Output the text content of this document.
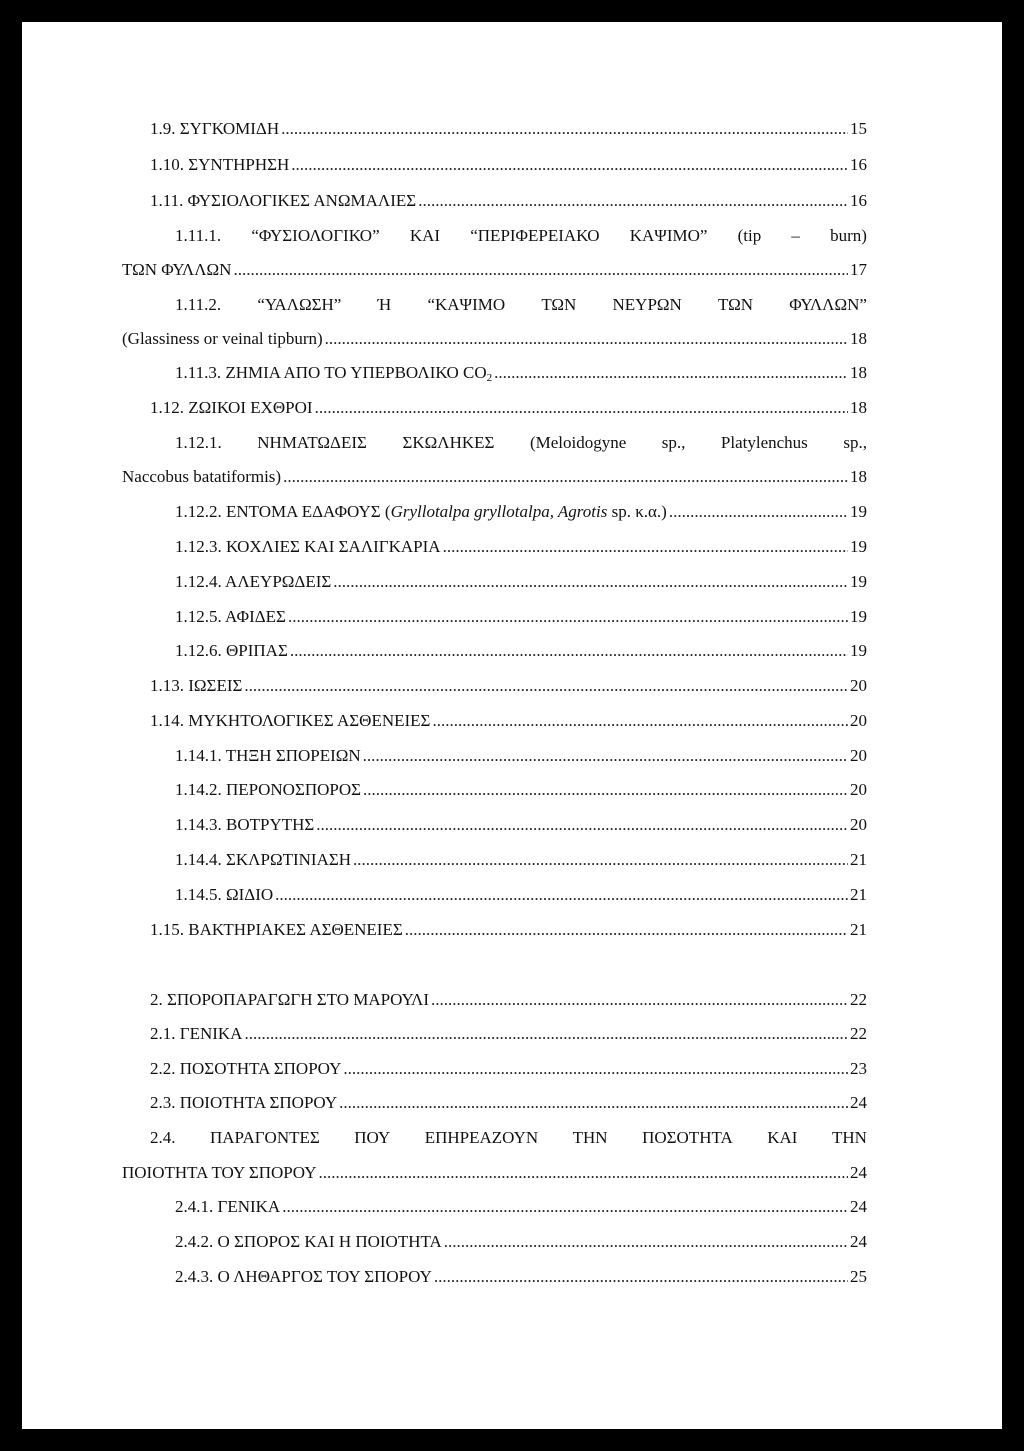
1.9. ΣΥΓΚΟΜΙΔΗ .....	15
1.10. ΣΥΝΤΗΡΗΣΗ .....	16
1.11. ΦΥΣΙΟΛΟΓΙΚΕΣ ΑΝΩΜΑΛΙΕΣ .....	16
1.11.1. “ΦΥΣΙΟΛΟΓΙΚΟ” ΚΑΙ “ΠΕΡΙΦΕΡΕΙΑΚΟ ΚΑΨΙΜΟ” (tip – burn)
ΤΩΝ ΦΥΛΛΩΝ .....	17
1.11.2. “ΥΑΛΩΣΗ” Ή “ΚΑΨΙΜΟ ΤΩΝ ΝΕΥΡΩΝ ΤΩΝ ΦΥΛΛΩΝ”
(Glassiness or veinal tipburn) .....	18
1.11.3. ΖΗΜΙΑ ΑΠΟ ΤΟ ΥΠΕΡΒΟΛΙΚΟ $CO_2$ .....	18
1.12. ΖΩΙΚΟΙ ΕΧΘΡΟΙ .....	18
1.12.1. ΝΗΜΑΤΩΔΕΙΣ ΣΚΩΛΗΚΕΣ (Meloidogyne sp., Platylenchus sp.,
Naccobus batatiformis) .....	18
1.12.2. ΕΝΤΟΜΑ ΕΔΑΦΟΥΣ (Gryllotalpa gryllotalpa, Agrotis sp. κ.α.) .....	19
1.12.3. ΚΟΧΛΙΕΣ ΚΑΙ ΣΑΛΙΓΚΑΡΙΑ .....	19
1.12.4. ΑΛΕΥΡΩΔΕΙΣ .....	19
1.12.5. ΑΦΙΔΕΣ .....	19
1.12.6. ΘΡΙΠΑΣ .....	19
1.13. ΙΩΣΕΙΣ .....	20
1.14. ΜΥΚΗΤΟΛΟΓΙΚΕΣ ΑΣΘΕΝΕΙΕΣ .....	20
1.14.1. ΤΗΞΗ ΣΠΟΡΕΙΩΝ .....	20
1.14.2. ΠΕΡΟΝΟΣΠΟΡΟΣ .....	20
1.14.3. ΒΟΤΡΥΤΗΣ .....	20
1.14.4. ΣΚΛΡΩΤΙΝΙΑΣΗ .....	21
1.14.5. ΩΙΔΙΟ .....	21
1.15. ΒΑΚΤΗΡΙΑΚΕΣ ΑΣΘΕΝΕΙΕΣ .....	21
2. ΣΠΟΡΟΠΑΡΑΓΩΓΗ ΣΤΟ ΜΑΡΟΥΛΙ .....	22
2.1. ΓΕΝΙΚΑ .....	22
2.2. ΠΟΣΟΤΗΤΑ ΣΠΟΡΟΥ .....	23
2.3. ΠΟΙΟΤΗΤΑ ΣΠΟΡΟΥ .....	24
2.4. ΠΑΡΑΓΟΝΤΕΣ ΠΟΥ ΕΠΗΡΕΑΖΟΥΝ ΤΗΝ ΠΟΣΟΤΗΤΑ ΚΑΙ ΤΗΝ
ΠΟΙΟΤΗΤΑ ΤΟΥ ΣΠΟΡΟΥ .....	24
2.4.1. ΓΕΝΙΚΑ .....	24
2.4.2. Ο ΣΠΟΡΟΣ ΚΑΙ Η ΠΟΙΟΤΗΤΑ .....	24
2.4.3. Ο ΛΗΘΑΡΓΟΣ ΤΟΥ ΣΠΟΡΟΥ .....	25
